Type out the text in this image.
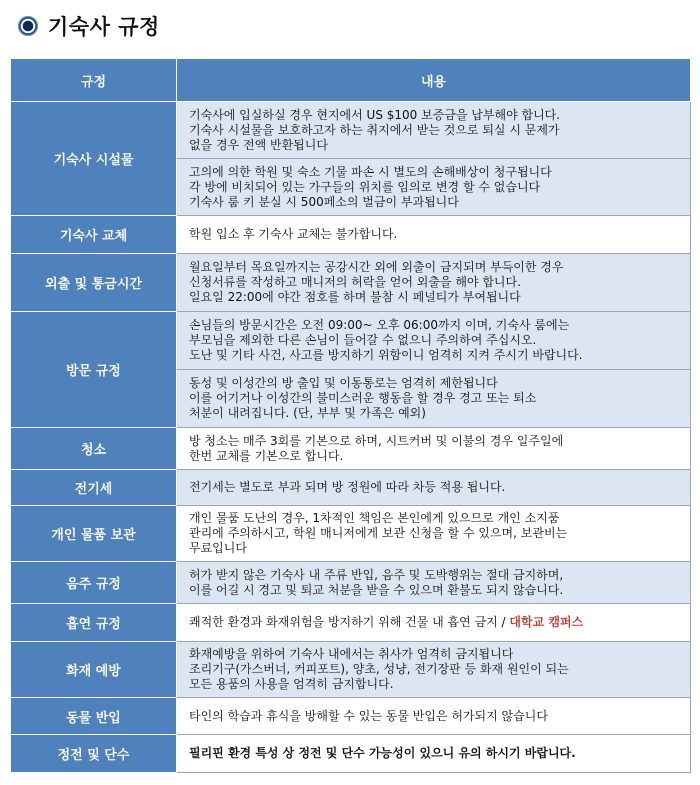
기숙사 규정
규정	내용
기숙사 시설물	기숙사에 입실하실 경우 현지에서 US $100 보증금을 납부해야 합니다.
기숙사 시설물을 보호하고자 하는 취지에서 받는 것으로 퇴실 시 문제가
없을 경우 전액 반환됩니다

	고의에 의한 학원 및 숙소 기물 파손 시 별도의 손해배상이 청구됩니다
각 방에 비치되어 있는 가구들의 위치를 임의로 변경 할 수 없습니다
기숙사 룸 키 분실 시 500페소의 벌금이 부과됩니다

기숙사 교체	학원 입소 후 기숙사 교체는 불가합니다.

외출 및 통금시간	월요일부터 목요일까지는 공강시간 외에 외출이 금지되며 부득이한 경우
신청서류를 작성하고 매니저의 허락을 얻어 외출을 해야 합니다.
일요일 22:00에 야간 점호를 하며 불참 시 페널티가 부여됩니다

방문 규정	손님들의 방문시간은 오전 09:00~ 오후 06:00까지 이며, 기숙사 룸에는
부모님을 제외한 다른 손님이 들어갈 수 없으니 주의하여 주십시오.
도난 및 기타 사건, 사고를 방지하기 위함이니 엄격히 지켜 주시기 바랍니다.

	동성 및 이성간의 방 출입 및 이동통로는 엄격히 제한됩니다
이를 어기거나 이성간의 불미스러운 행동을 할 경우 경고 또는 퇴소
처분이 내려집니다. (단, 부부 및 가족은 예외)

청소	방 청소는 매주 3회를 기본으로 하며, 시트커버 및 이불의 경우 일주일에
한번 교체를 기본으로 합니다.

전기세	전기세는 별도로 부과 되며 방 정원에 따라 차등 적용 됩니다.

개인 물품 보관	개인 물품 도난의 경우, 1차적인 책임은 본인에게 있으므로 개인 소지품
관리에 주의하시고, 학원 매니저에게 보관 신청을 할 수 있으며, 보관비는
무료입니다

음주 규정	허가 받지 않은 기숙사 내 주류 반입, 음주 및 도박행위는 절대 금지하며,
이를 어길 시 경고 및 퇴교 처분을 받을 수 있으며 환불도 되지 않습니다.

흡연 규정	쾌적한 환경과 화재위험을 방지하기 위해 건물 내 흡연 금지 / 대학교 캠퍼스

화재 예방	화재예방을 위하여 기숙사 내에서는 취사가 엄격히 금지됩니다
조리기구(가스버너, 커피포트), 양초, 성냥, 전기장판 등 화재 원인이 되는
모든 용품의 사용을 엄격히 금지합니다.

동물 반입	타인의 학습과 휴식을 방해할 수 있는 동물 반입은 허가되지 않습니다

정전 및 단수	필리핀 환경 특성 상 정전 및 단수 가능성이 있으니 유의 하시기 바랍니다.
